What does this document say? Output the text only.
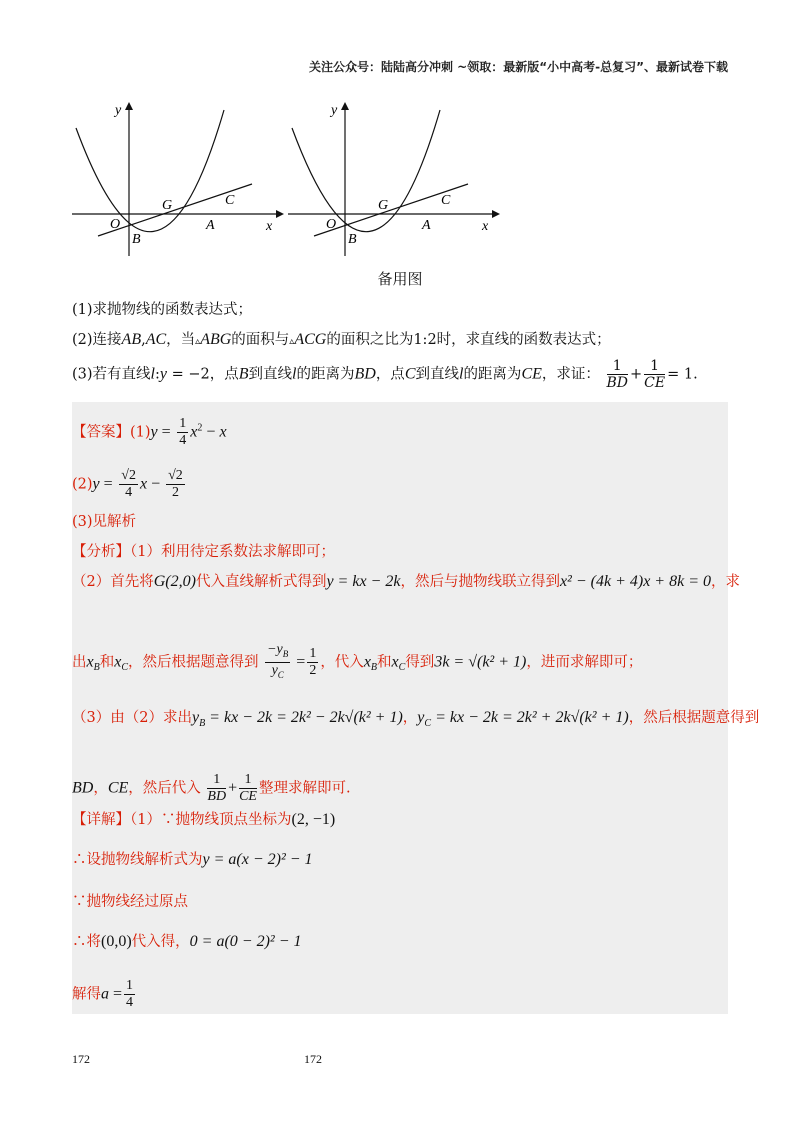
关注公众号：陆陆高分冲刺 ~领取：最新版“小中高考-总复习”、最新试卷下载
y
x
O
B
G	C
A
y
x
O
B
G	C
A
备用图
(1)求抛物线的函数表达式；
(2)连接AB,AC，当▵ABG的面积与▵ACG的面积之比为1:2时，求直线的函数表达式；
(3)若有直线l:y = −2，点B到直线l的距离为BD，点C到直线l的距离为CE，求证： $\frac{1}{BD} + \frac{1}{CE} = 1$.
【答案】$(1)y = \frac{1}{4} x^2 - x$
$(2)y = \frac{√2}{4}$ $x - \frac{√2}{2}$
(3)见解析
【分析】（1）利用待定系数法求解即可；
（2）首先将G(2,0)代入直线解析式得到y = kx − 2k，然后与抛物线联立得到x² − (4k + 4)x + 8k = 0，求
出$x_B$和$x_C$，然后根据题意得到 $\frac{-y_B}{y_C} = \frac{1}{2}$ ，代入$x_B$和$x_C$得到3k = √(k² + 1)，进而求解即可；
（3）由（2）求出$y_B$ = kx − 2k = 2k² − 2k√(k² + 1)，$y_C$ = kx − 2k = 2k² + 2k√(k² + 1)，然后根据题意得到
BD，CE，然后代入 $\frac{1}{BD} + \frac{1}{CE}$ 整理求解即可.
【详解】（1）∵抛物线顶点坐标为(2, −1)
∴设抛物线解析式为y = a(x − 2)² − 1
∵抛物线经过原点
∴将(0,0)代入得，0 = a(0 − 2)² − 1
解得$a = \frac{1}{4}$
172	172
